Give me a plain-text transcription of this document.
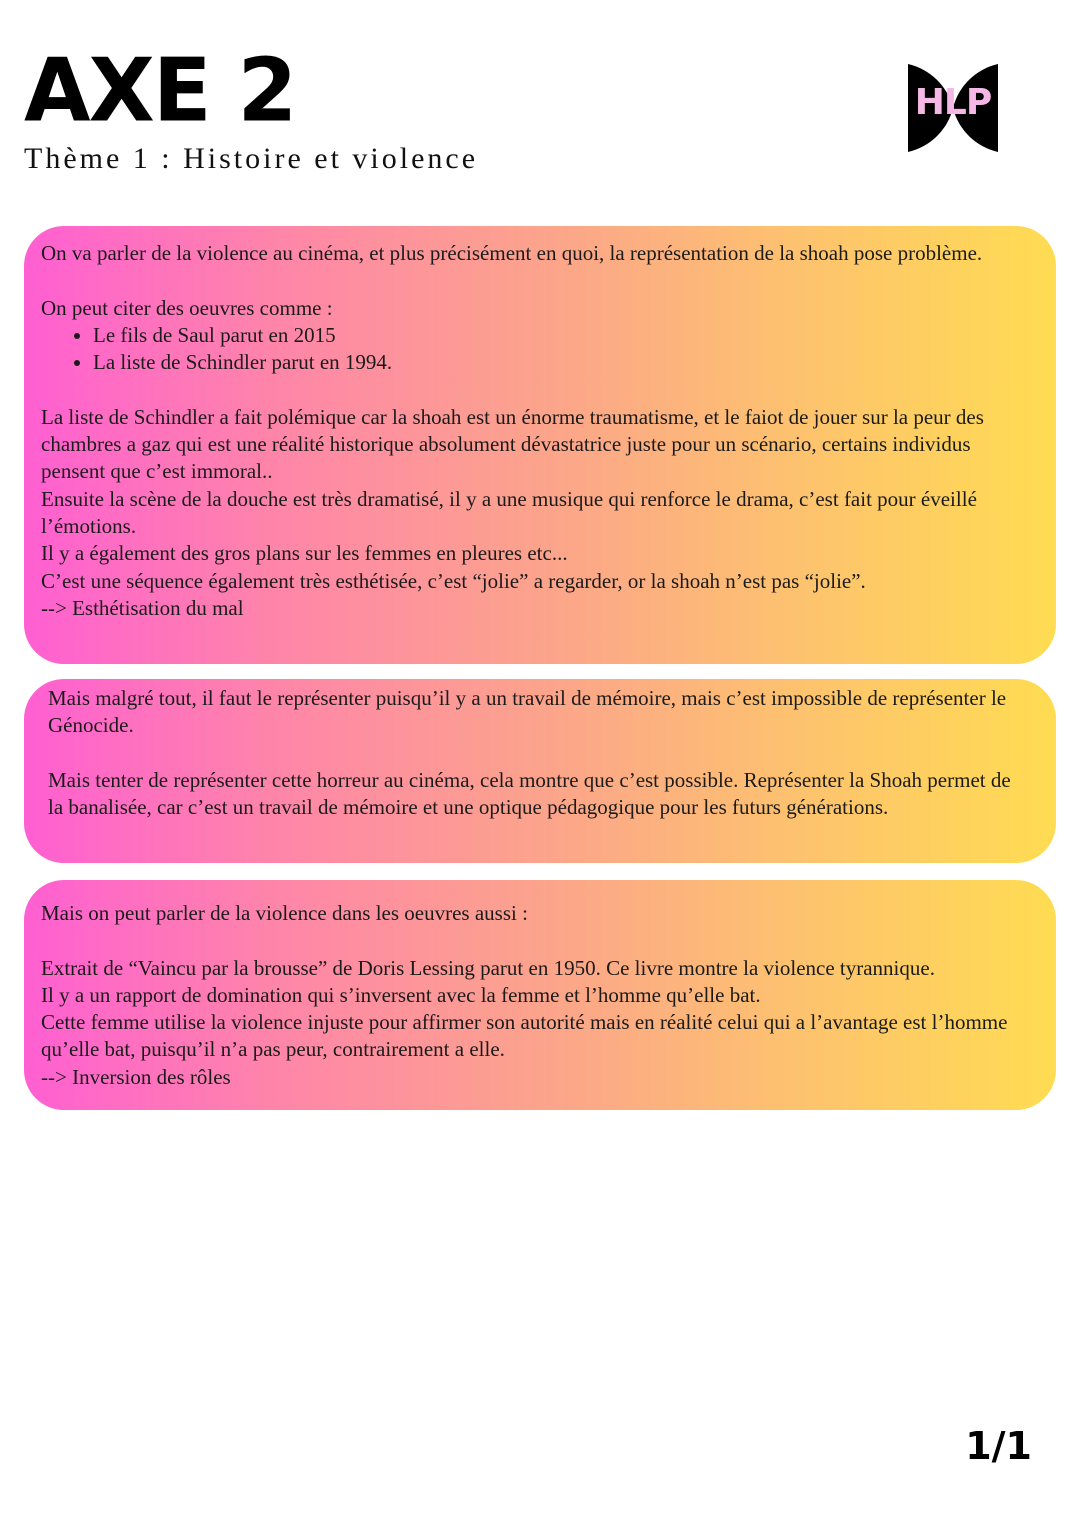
AXE 2
Thème 1 : Histoire et violence
HLP

On va parler de la violence au cinéma, et plus précisément en quoi, la représentation de la shoah pose problème.

On peut citer des oeuvres comme :

• Le fils de Saul parut en 2015
• La liste de Schindler parut en 1994.

La liste de Schindler a fait polémique car la shoah est un énorme traumatisme, et le faiot de jouer sur la peur des chambres a gaz qui est une réalité historique absolument dévastatrice juste pour un scénario, certains individus pensent que c’est immoral..

Ensuite la scène de la douche est très dramatisé, il y a une musique qui renforce le drama, c’est fait pour éveillé l’émotions.

Il y a également des gros plans sur les femmes en pleures etc...

C’est une séquence également très esthétisée, c’est “jolie” a regarder, or la shoah n’est pas “jolie”.

--> Esthétisation du mal

Mais malgré tout, il faut le représenter puisqu’il y a un travail de mémoire, mais c’est impossible de représenter le Génocide.

Mais tenter de représenter cette horreur au cinéma, cela montre que c’est possible. Représenter la Shoah permet de la banalisée, car c’est un travail de mémoire et une optique pédagogique pour les futurs générations.

Mais on peut parler de la violence dans les oeuvres aussi :

Extrait de “Vaincu par la brousse” de Doris Lessing parut en 1950. Ce livre montre la violence tyrannique.

Il y a un rapport de domination qui s’inversent avec la femme et l’homme qu’elle bat.

Cette femme utilise la violence injuste pour affirmer son autorité mais en réalité celui qui a l’avantage est l’homme qu’elle bat, puisqu’il n’a pas peur, contrairement a elle.

--> Inversion des rôles

1/1
